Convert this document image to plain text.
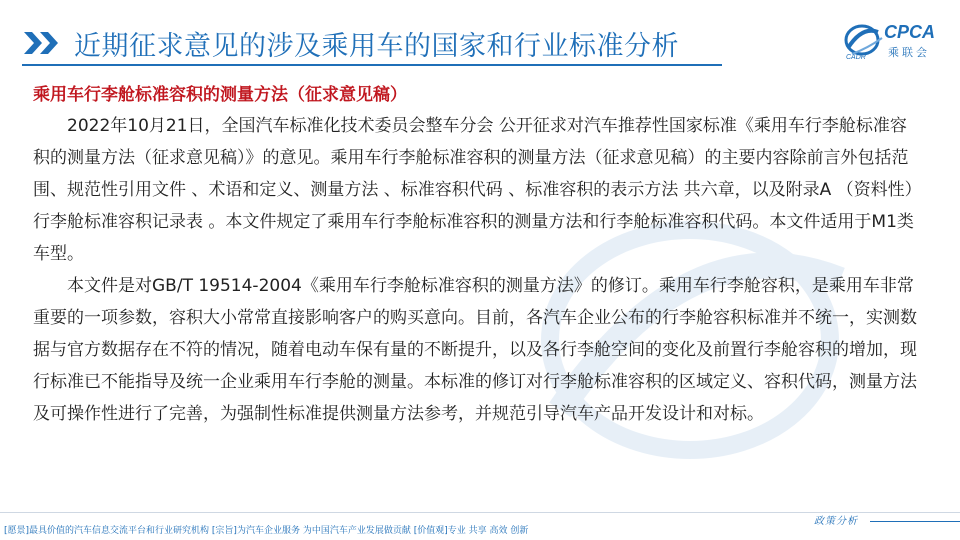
近期征求意见的涉及乘用车的国家和行业标准分析	CPCA
乘联会
CADR
乘用车行李舱标准容积的测量方法（征求意见稿）

2022年10月21日，全国汽车标准化技术委员会整车分会 公开征求对汽车推荐性国家标准《乘用车行李舱标准容积的测量方法（征求意见稿）》的意见。乘用车行李舱标准容积的测量方法（征求意见稿）的主要内容除前言外包括范围、规范性引用文件 、术语和定义、测量方法 、标准容积代码 、标准容积的表示方法 共六章，以及附录A （资料性） 行李舱标准容积记录表 。本文件规定了乘用车行李舱标准容积的测量方法和行李舱标准容积代码。本文件适用于M1类车型。

本文件是对GB/T 19514-2004《乘用车行李舱标准容积的测量方法》的修订。乘用车行李舱容积，是乘用车非常重要的一项参数，容积大小常常直接影响客户的购买意向。目前，各汽车企业公布的行李舱容积标准并不统一，实测数据与官方数据存在不符的情况，随着电动车保有量的不断提升，以及各行李舱空间的变化及前置行李舱容积的增加，现行标准已不能指导及统一企业乘用车行李舱的测量。本标准的修订对行李舱标准容积的区域定义、容积代码，测量方法及可操作性进行了完善，为强制性标准提供测量方法参考，并规范引导汽车产品开发设计和对标。

[愿景]最具价值的汽车信息交流平台和行业研究机构 [宗旨]为汽车企业服务 为中国汽车产业发展做贡献 [价值观]专业 共享 高效 创新
政策分析
